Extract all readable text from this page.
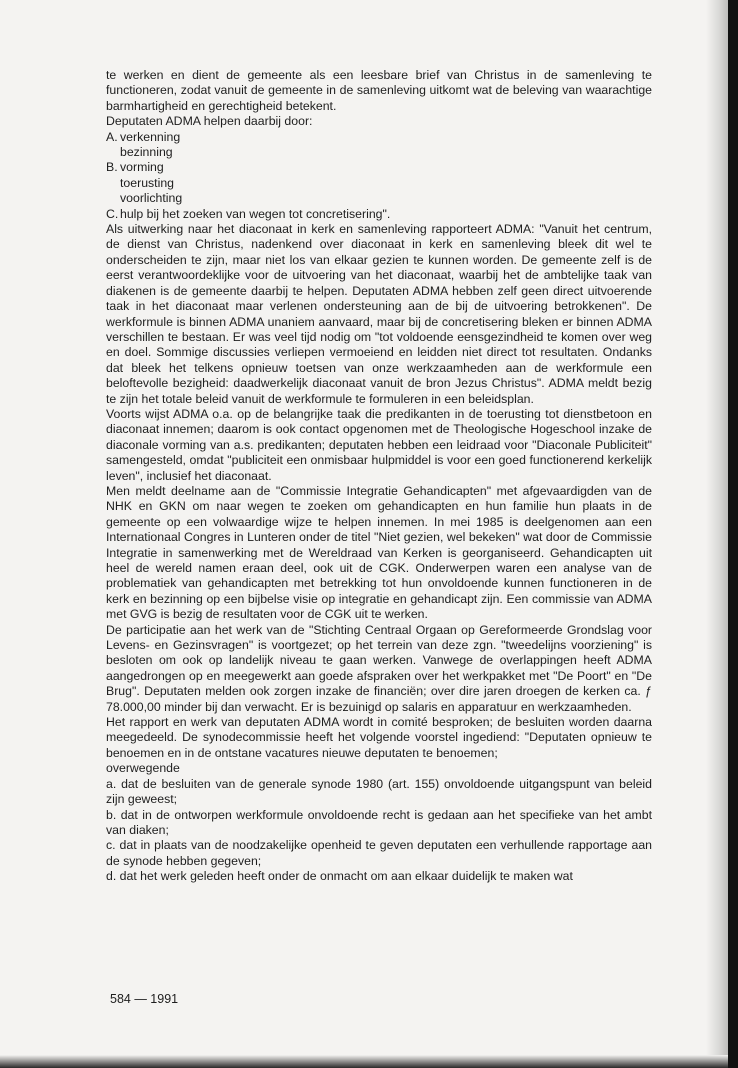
te werken en dient de gemeente als een leesbare brief van Christus in de samenleving te functioneren, zodat vanuit de gemeente in de samenleving uitkomt wat de beleving van waarachtige barmhartigheid en gerechtigheid betekent.

Deputaten ADMA helpen daarbij door:

A. verkenning
bezinning
B. vorming
toerusting
voorlichting
C. hulp bij het zoeken van wegen tot concretisering".

Als uitwerking naar het diaconaat in kerk en samenleving rapporteert ADMA: "Vanuit het centrum, de dienst van Christus, nadenkend over diaconaat in kerk en samenleving bleek dit wel te onderscheiden te zijn, maar niet los van elkaar gezien te kunnen worden. De gemeente zelf is de eerst verantwoordeklijke voor de uitvoering van het diaconaat, waarbij het de ambtelijke taak van diakenen is de gemeente daarbij te helpen. Deputaten ADMA hebben zelf geen direct uitvoerende taak in het diaconaat maar verlenen ondersteuning aan de bij de uitvoering betrokkenen". De werkformule is binnen ADMA unaniem aanvaard, maar bij de concretisering bleken er binnen ADMA verschillen te bestaan. Er was veel tijd nodig om "tot voldoende eensgezindheid te komen over weg en doel. Sommige discussies verliepen vermoeiend en leidden niet direct tot resultaten. Ondanks dat bleek het telkens opnieuw toetsen van onze werkzaamheden aan de werkformule een beloftevolle bezigheid: daadwerkelijk diaconaat vanuit de bron Jezus Christus". ADMA meldt bezig te zijn het totale beleid vanuit de werkformule te formuleren in een beleidsplan.

Voorts wijst ADMA o.a. op de belangrijke taak die predikanten in de toerusting tot dienstbetoon en diaconaat innemen; daarom is ook contact opgenomen met de Theologische Hogeschool inzake de diaconale vorming van a.s. predikanten; deputaten hebben een leidraad voor "Diaconale Publiciteit" samengesteld, omdat "publiciteit een onmisbaar hulpmiddel is voor een goed functionerend kerkelijk leven", inclusief het diaconaat.

Men meldt deelname aan de "Commissie Integratie Gehandicapten" met afgevaardigden van de NHK en GKN om naar wegen te zoeken om gehandicapten en hun familie hun plaats in de gemeente op een volwaardige wijze te helpen innemen. In mei 1985 is deelgenomen aan een Internationaal Congres in Lunteren onder de titel "Niet gezien, wel bekeken" wat door de Commissie Integratie in samenwerking met de Wereldraad van Kerken is georganiseerd. Gehandicapten uit heel de wereld namen eraan deel, ook uit de CGK. Onderwerpen waren een analyse van de problematiek van gehandicapten met betrekking tot hun onvoldoende kunnen functioneren in de kerk en bezinning op een bijbelse visie op integratie en gehandicapt zijn. Een commissie van ADMA met GVG is bezig de resultaten voor de CGK uit te werken.

De participatie aan het werk van de "Stichting Centraal Orgaan op Gereformeerde Grondslag voor Levens- en Gezinsvragen" is voortgezet; op het terrein van deze zgn. "tweedelijns voorziening" is besloten om ook op landelijk niveau te gaan werken. Vanwege de overlappingen heeft ADMA aangedrongen op en meegewerkt aan goede afspraken over het werkpakket met "De Poort" en "De Brug". Deputaten melden ook zorgen inzake de financiën; over dire jaren droegen de kerken ca. ƒ 78.000,00 minder bij dan verwacht. Er is bezuinigd op salaris en apparatuur en werkzaamheden.

Het rapport en werk van deputaten ADMA wordt in comité besproken; de besluiten worden daarna meegedeeld. De synodecommissie heeft het volgende voorstel ingediend: "Deputaten opnieuw te benoemen en in de ontstane vacatures nieuwe deputaten te benoemen;

overwegende

a. dat de besluiten van de generale synode 1980 (art. 155) onvoldoende uitgangspunt van beleid zijn geweest;

b. dat in de ontworpen werkformule onvoldoende recht is gedaan aan het specifieke van het ambt van diaken;

c. dat in plaats van de noodzakelijke openheid te geven deputaten een verhullende rapportage aan de synode hebben gegeven;

d. dat het werk geleden heeft onder de onmacht om aan elkaar duidelijk te maken wat

584 — 1991
